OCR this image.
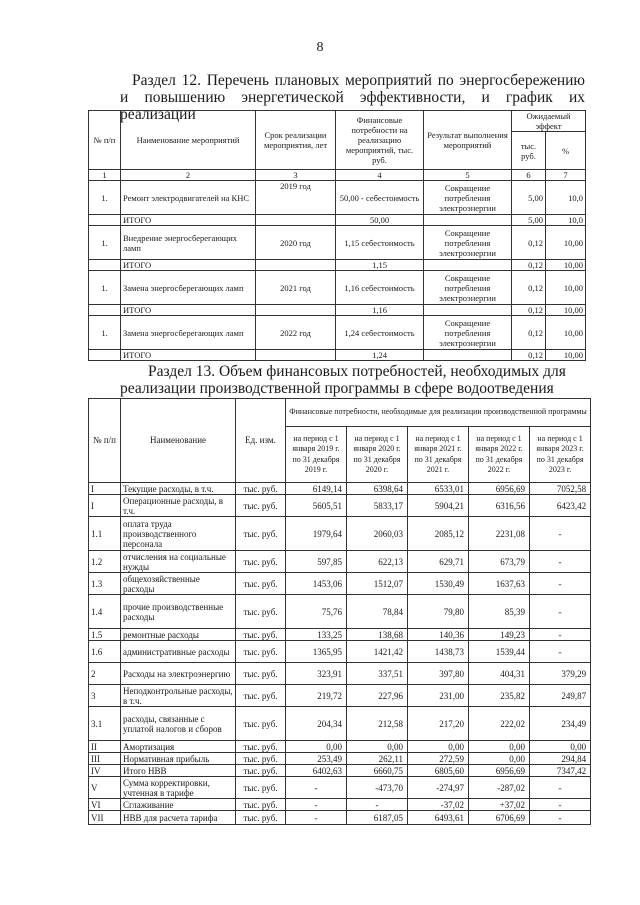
8
Раздел 12. Перечень плановых мероприятий по энергосбережению и повышению энергетической эффективности, и график их реализации
№ п/п	Наименование мероприятий	Срок реализации мероприятия, лет	Финансовые потребности на реализацию мероприятий, тыс. руб.	Результат выполнения мероприятий	Ожидаемый эффект	
					тыс. руб.	%
1	2	3	4	5	6	7
1.	Ремонт электродвигателей на КНС	2019 год	50,00 - себестоимость	Сокращение потребления электроэнергии	5,00	10,0
	ИТОГО		50,00		5,00	10,0
1.	Внедрение энергосберегающих ламп	2020 год	1,15 себестоимость	Сокращение потребления электроэнергии	0,12	10,00
	ИТОГО		1,15		0,12	10,00
1.	Замена энергосберегающих ламп	2021 год	1,16 себестоимость	Сокращение потребления электроэнергии	0,12	10,00
	ИТОГО		1,16		0,12	10,00
1.	Замена энергосберегающих ламп	2022 год	1,24 себестоимость	Сокращение потребления электроэнергии	0,12	10,00
	ИТОГО		1,24		0,12	10,00
Раздел 13. Объем финансовых потребностей, необходимых для реализации производственной программы в сфере водоотведения
№ п/п	Наименование	Ед. изм.	Финансовые потребности, необходимые для реализации производственной программы				
			на период с 1 января 2019 г. по 31 декабря 2019 г.	на период с 1 января 2020 г. по 31 декабря 2020 г.	на период с 1 января 2021 г. по 31 декабря 2021 г.	на период с 1 января 2022 г. по 31 декабря 2022 г.	на период с 1 января 2023 г. по 31 декабря 2023 г.
I	Текущие расходы, в т.ч.	тыс. руб.	6149,14	6398,64	6533,01	6956,69	7052,58
I	Операционные расходы, в т.ч.	тыс. руб.	5605,51	5833,17	5904,21	6316,56	6423,42
1.1	оплата труда производственного персонала	тыс. руб.	1979,64	2060,03	2085,12	2231,08	-
1.2	отчисления на социальные нужды	тыс. руб.	597,85	622,13	629,71	673,79	-
1.3	общехозяйственные расходы	тыс. руб.	1453,06	1512,07	1530,49	1637,63	-
1.4	прочие производственные расходы	тыс. руб.	75,76	78,84	79,80	85,39	-
1.5	ремонтные расходы	тыс. руб.	133,25	138,68	140,36	149,23	-
1.6	административные расходы	тыс. руб.	1365,95	1421,42	1438,73	1539,44	-
2	Расходы на электроэнергию	тыс. руб.	323,91	337,51	397,80	404,31	379,29
3	Неподконтрольные расходы, в т.ч.	тыс. руб.	219,72	227,96	231,00	235,82	249,87
3.1	расходы, связанные с уплатой налогов и сборов	тыс. руб.	204,34	212,58	217,20	222,02	234,49
II	Амортизация	тыс. руб.	0,00	0,00	0,00	0,00	0,00
III	Нормативная прибыль	тыс. руб.	253,49	262,11	272,59	0,00	294,84
IV	Итого НВВ	тыс. руб.	6402,63	6660,75	6805,60	6956,69	7347,42
V	Сумма корректировки, учтенная в тарифе	тыс. руб.	-	-473,70	-274,97	-287,02	-
VI	Сглаживание	тыс. руб.	-	-	-37,02	+37,02	-
VII	НВВ для расчета тарифа	тыс. руб.	-	6187,05	6493,61	6706,69	-
